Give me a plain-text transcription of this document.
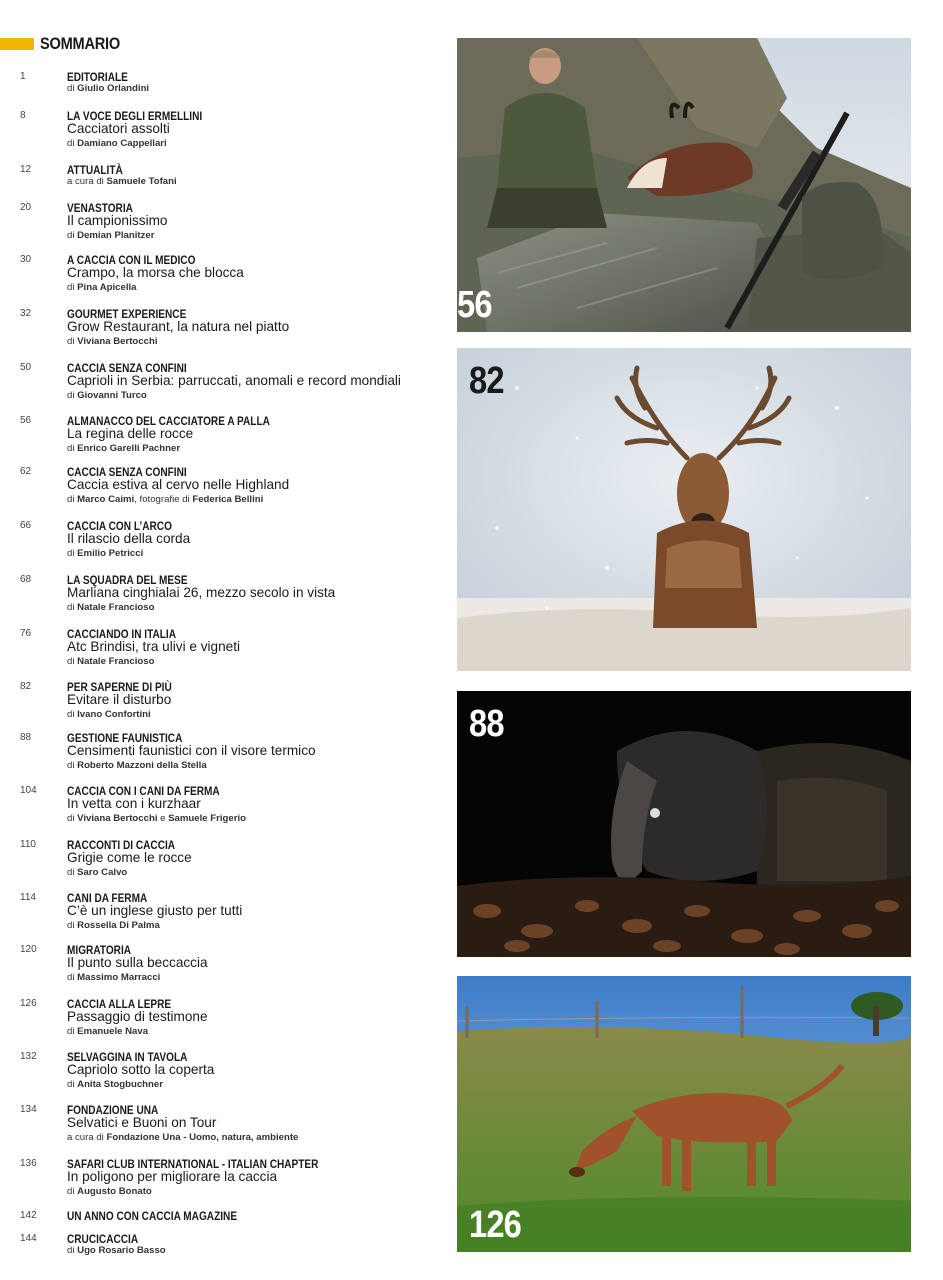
SOMMARIO
1	EDITORIALE
di Giulio Orlandini
8	LA VOCE DEGLI ERMELLINI
Cacciatori assolti
di Damiano Cappellari
12	ATTUALITÀ
a cura di Samuele Tofani
20	VENASTORIA
Il campionissimo
di Demian Planitzer
30	A CACCIA CON IL MEDICO
Crampo, la morsa che blocca
di Pina Apicella
32	GOURMET EXPERIENCE
Grow Restaurant, la natura nel piatto
di Viviana Bertocchi
50	CACCIA SENZA CONFINI
Caprioli in Serbia: parruccati, anomali e record mondiali
di Giovanni Turco
56	ALMANACCO DEL CACCIATORE A PALLA
La regina delle rocce
di Enrico Garelli Pachner
62	CACCIA SENZA CONFINI
Caccia estiva al cervo nelle Highland
di Marco Caimi, fotografie di Federica Bellini
66	CACCIA CON L’ARCO
Il rilascio della corda
di Emilio Petricci
68	LA SQUADRA DEL MESE
Marliana cinghialai 26, mezzo secolo in vista
di Natale Francioso
76	CACCIANDO IN ITALIA
Atc Brindisi, tra ulivi e vigneti
di Natale Francioso
82	PER SAPERNE DI PIÙ
Evitare il disturbo
di Ivano Confortini
88	GESTIONE FAUNISTICA
Censimenti faunistici con il visore termico
di Roberto Mazzoni della Stella
104	CACCIA CON I CANI DA FERMA
In vetta con i kurzhaar
di Viviana Bertocchi e Samuele Frigerio
110	RACCONTI DI CACCIA
Grigie come le rocce
di Saro Calvo
114	CANI DA FERMA
C’è un inglese giusto per tutti
di Rossella Di Palma
120	MIGRATORIA
Il punto sulla beccaccia
di Massimo Marracci
126	CACCIA ALLA LEPRE
Passaggio di testimone
di Emanuele Nava
132	SELVAGGINA IN TAVOLA
Capriolo sotto la coperta
di Anita Stogbuchner
134	FONDAZIONE UNA
Selvatici e Buoni on Tour
a cura di Fondazione Una - Uomo, natura, ambiente
136	SAFARI CLUB INTERNATIONAL - ITALIAN CHAPTER
In poligono per migliorare la caccia
di Augusto Bonato
142	UN ANNO CON CACCIA MAGAZINE
144	CRUCICACCIA
di Ugo Rosario Basso
56
82
88
126
